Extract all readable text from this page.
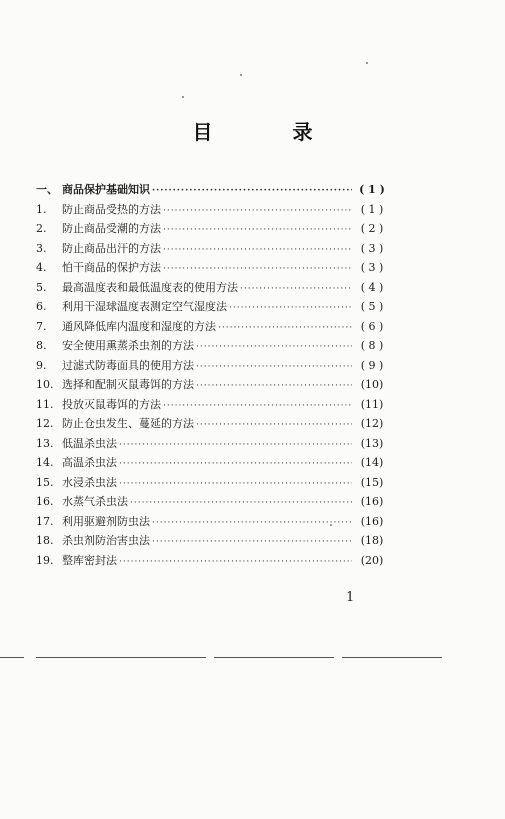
目　录
一、 商品保护基础知识 ·····	( 1 )
1.	防止商品受热的方法 ·····	( 1 )
2.	防止商品受潮的方法 ·····	( 2 )
3.	防止商品出汗的方法 ·····	( 3 )
4.	怕干商品的保护方法 ·····	( 3 )
5.	最高温度表和最低温度表的使用方法 ·····	( 4 )
6.	利用干湿球温度表测定空气湿度法 ·····	( 5 )
7.	通风降低库内温度和湿度的方法 ·····	( 6 )
8.	安全使用熏蒸杀虫剂的方法 ·····	( 8 )
9.	过滤式防毒面具的使用方法 ·····	( 9 )
10. 选择和配制灭鼠毒饵的方法 ·····	(10)
11. 投放灭鼠毒饵的方法 ·····	(11)
12. 防止仓虫发生、蔓延的方法 ·····	(12)
13. 低温杀虫法 ·····	(13)
14. 高温杀虫法 ·····	(14)
15. 水浸杀虫法 ·····	(15)
16. 水蒸气杀虫法 ·····	(16)
17. 利用驱避剂防虫法 ·····	(16)
18. 杀虫剂防治害虫法 ·····	(18)
19. 整库密封法 ·····	(20)
1
